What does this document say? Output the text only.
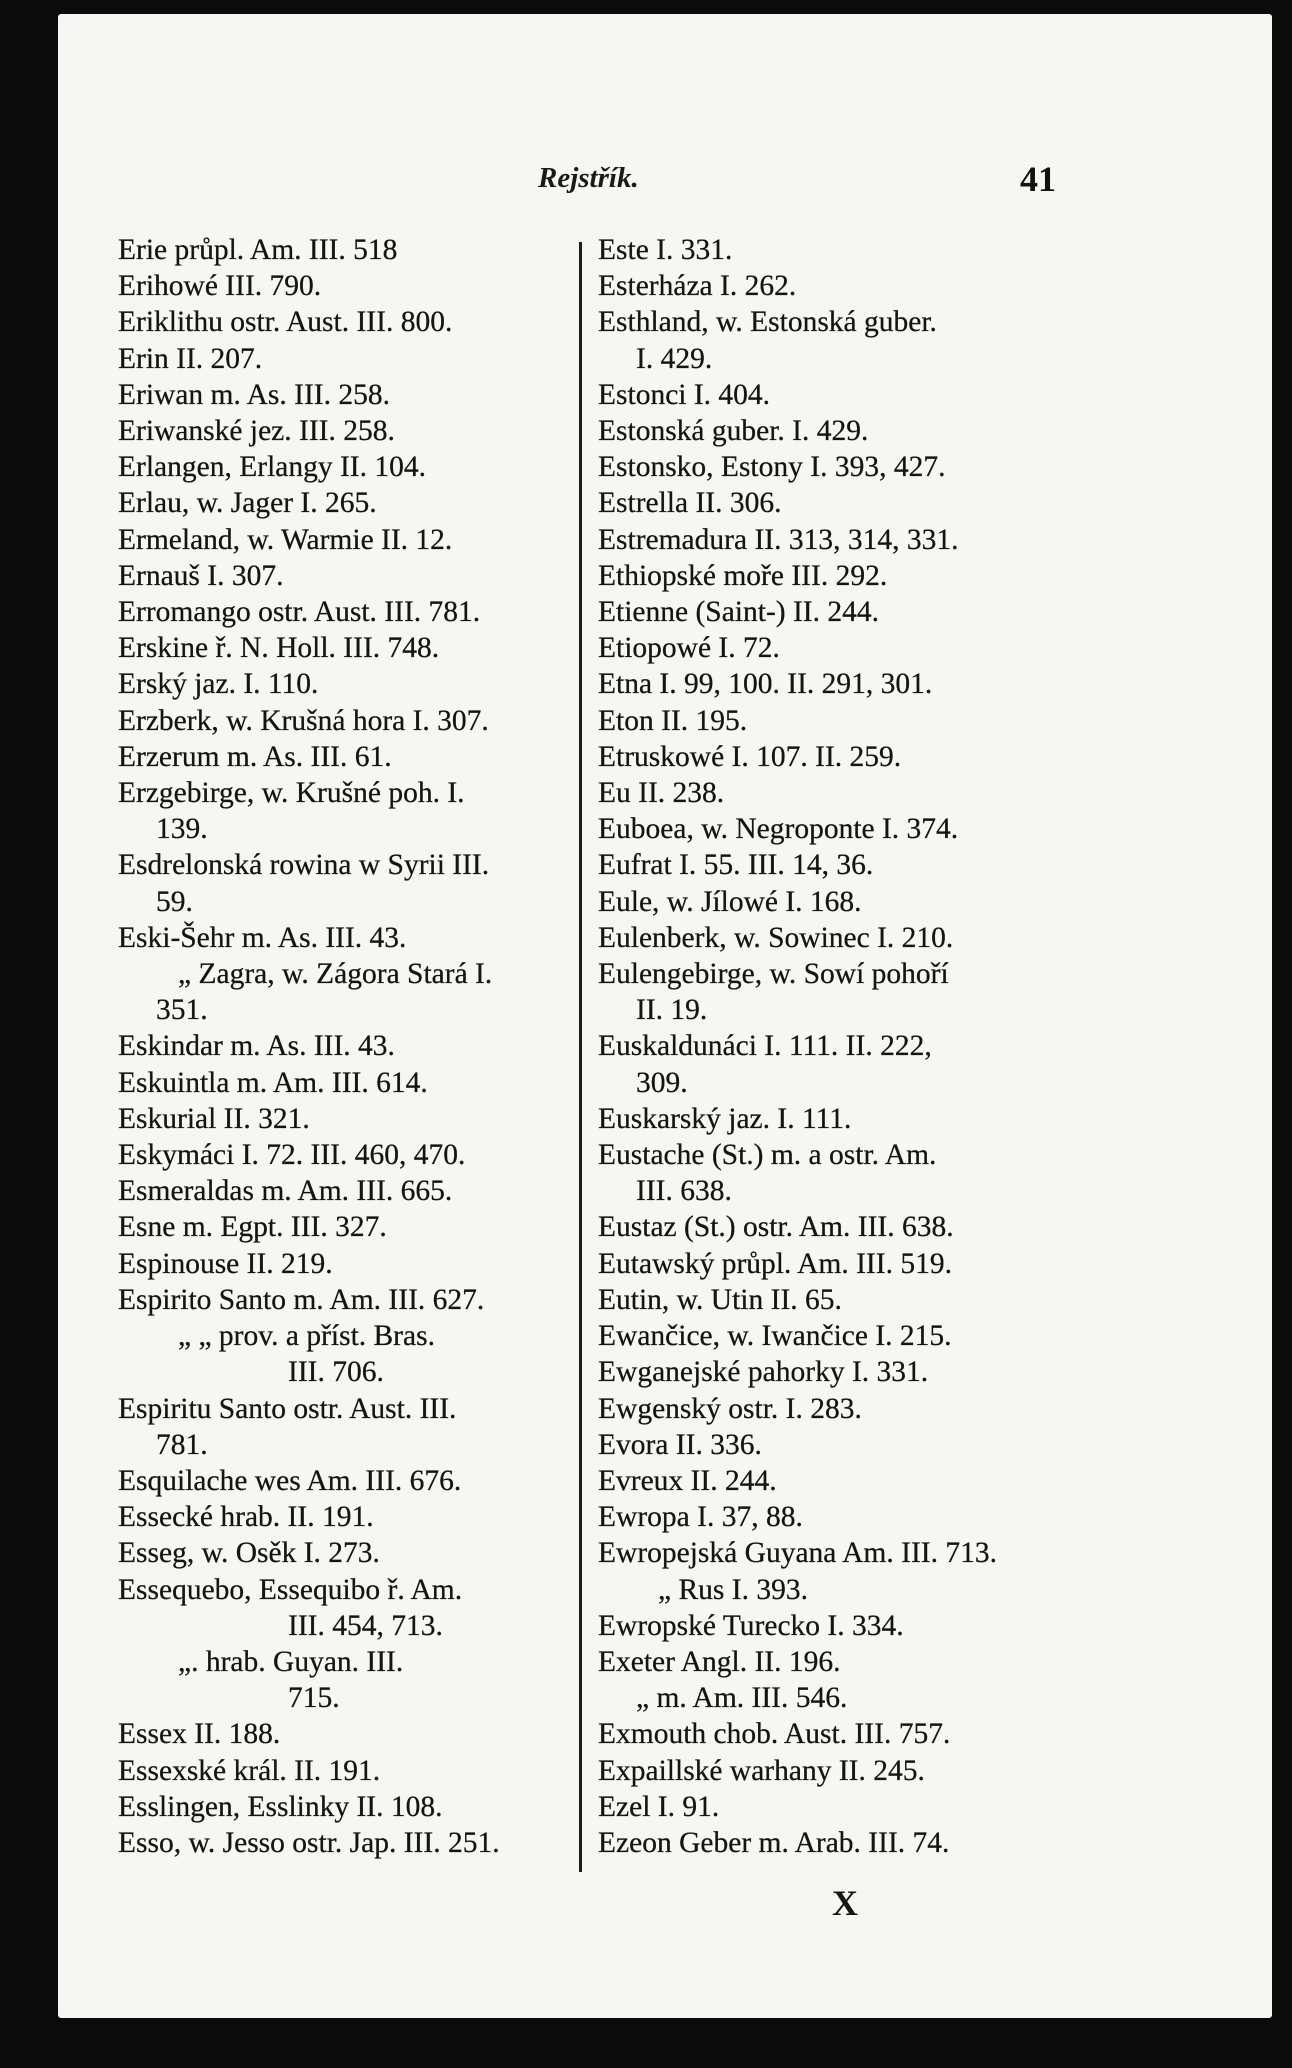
Rejstřík.	41
Erie průpl. Am. III. 518
Erihowé III. 790.
Eriklithu ostr. Aust. III. 800.
Erin II. 207.
Eriwan m. As. III. 258.
Eriwanské jez. III. 258.
Erlangen, Erlangy II. 104.
Erlau, w. Jager I. 265.
Ermeland, w. Warmie II. 12.
Ernauš I. 307.
Erromango ostr. Aust. III. 781.
Erskine ř. N. Holl. III. 748.
Erský jaz. I. 110.
Erzberk, w. Krušná hora I. 307.
Erzerum m. As. III. 61.
Erzgebirge, w. Krušné poh. I.
139.
Esdrelonská rowina w Syrii III.
59.
Eski-Šehr m. As. III. 43.
„ Zagra, w. Zágora Stará I.
351.
Eskindar m. As. III. 43.
Eskuintla m. Am. III. 614.
Eskurial II. 321.
Eskymáci I. 72. III. 460, 470.
Esmeraldas m. Am. III. 665.
Esne m. Egpt. III. 327.
Espinouse II. 219.
Espirito Santo m. Am. III. 627.
„ „ prov. a příst. Bras.
III. 706.
Espiritu Santo ostr. Aust. III.
781.
Esquilache wes Am. III. 676.
Essecké hrab. II. 191.
Esseg, w. Osěk I. 273.
Essequebo, Essequibo ř. Am.
III. 454, 713.
„. hrab. Guyan. III.
715.
Essex II. 188.
Essexské král. II. 191.
Esslingen, Esslinky II. 108.
Esso, w. Jesso ostr. Jap. III. 251.
Este I. 331.
Esterháza I. 262.
Esthland, w. Estonská guber.
I. 429.
Estonci I. 404.
Estonská guber. I. 429.
Estonsko, Estony I. 393, 427.
Estrella II. 306.
Estremadura II. 313, 314, 331.
Ethiopské moře III. 292.
Etienne (Saint-) II. 244.
Etiopowé I. 72.
Etna I. 99, 100. II. 291, 301.
Eton II. 195.
Etruskowé I. 107. II. 259.
Eu II. 238.
Euboea, w. Negroponte I. 374.
Eufrat I. 55. III. 14, 36.
Eule, w. Jílowé I. 168.
Eulenberk, w. Sowinec I. 210.
Eulengebirge, w. Sowí pohoří
II. 19.
Euskaldunáci I. 111. II. 222,
309.
Euskarský jaz. I. 111.
Eustache (St.) m. a ostr. Am.
III. 638.
Eustaz (St.) ostr. Am. III. 638.
Eutawský průpl. Am. III. 519.
Eutin, w. Utin II. 65.
Ewančice, w. Iwančice I. 215.
Ewganejské pahorky I. 331.
Ewgenský ostr. I. 283.
Evora II. 336.
Evreux II. 244.
Ewropa I. 37, 88.
Ewropejská Guyana Am. III. 713.
„ Rus I. 393.
Ewropské Turecko I. 334.
Exeter Angl. II. 196.
„ m. Am. III. 546.
Exmouth chob. Aust. III. 757.
Expaillské warhany II. 245.
Ezel I. 91.
Ezeon Geber m. Arab. III. 74.
X
